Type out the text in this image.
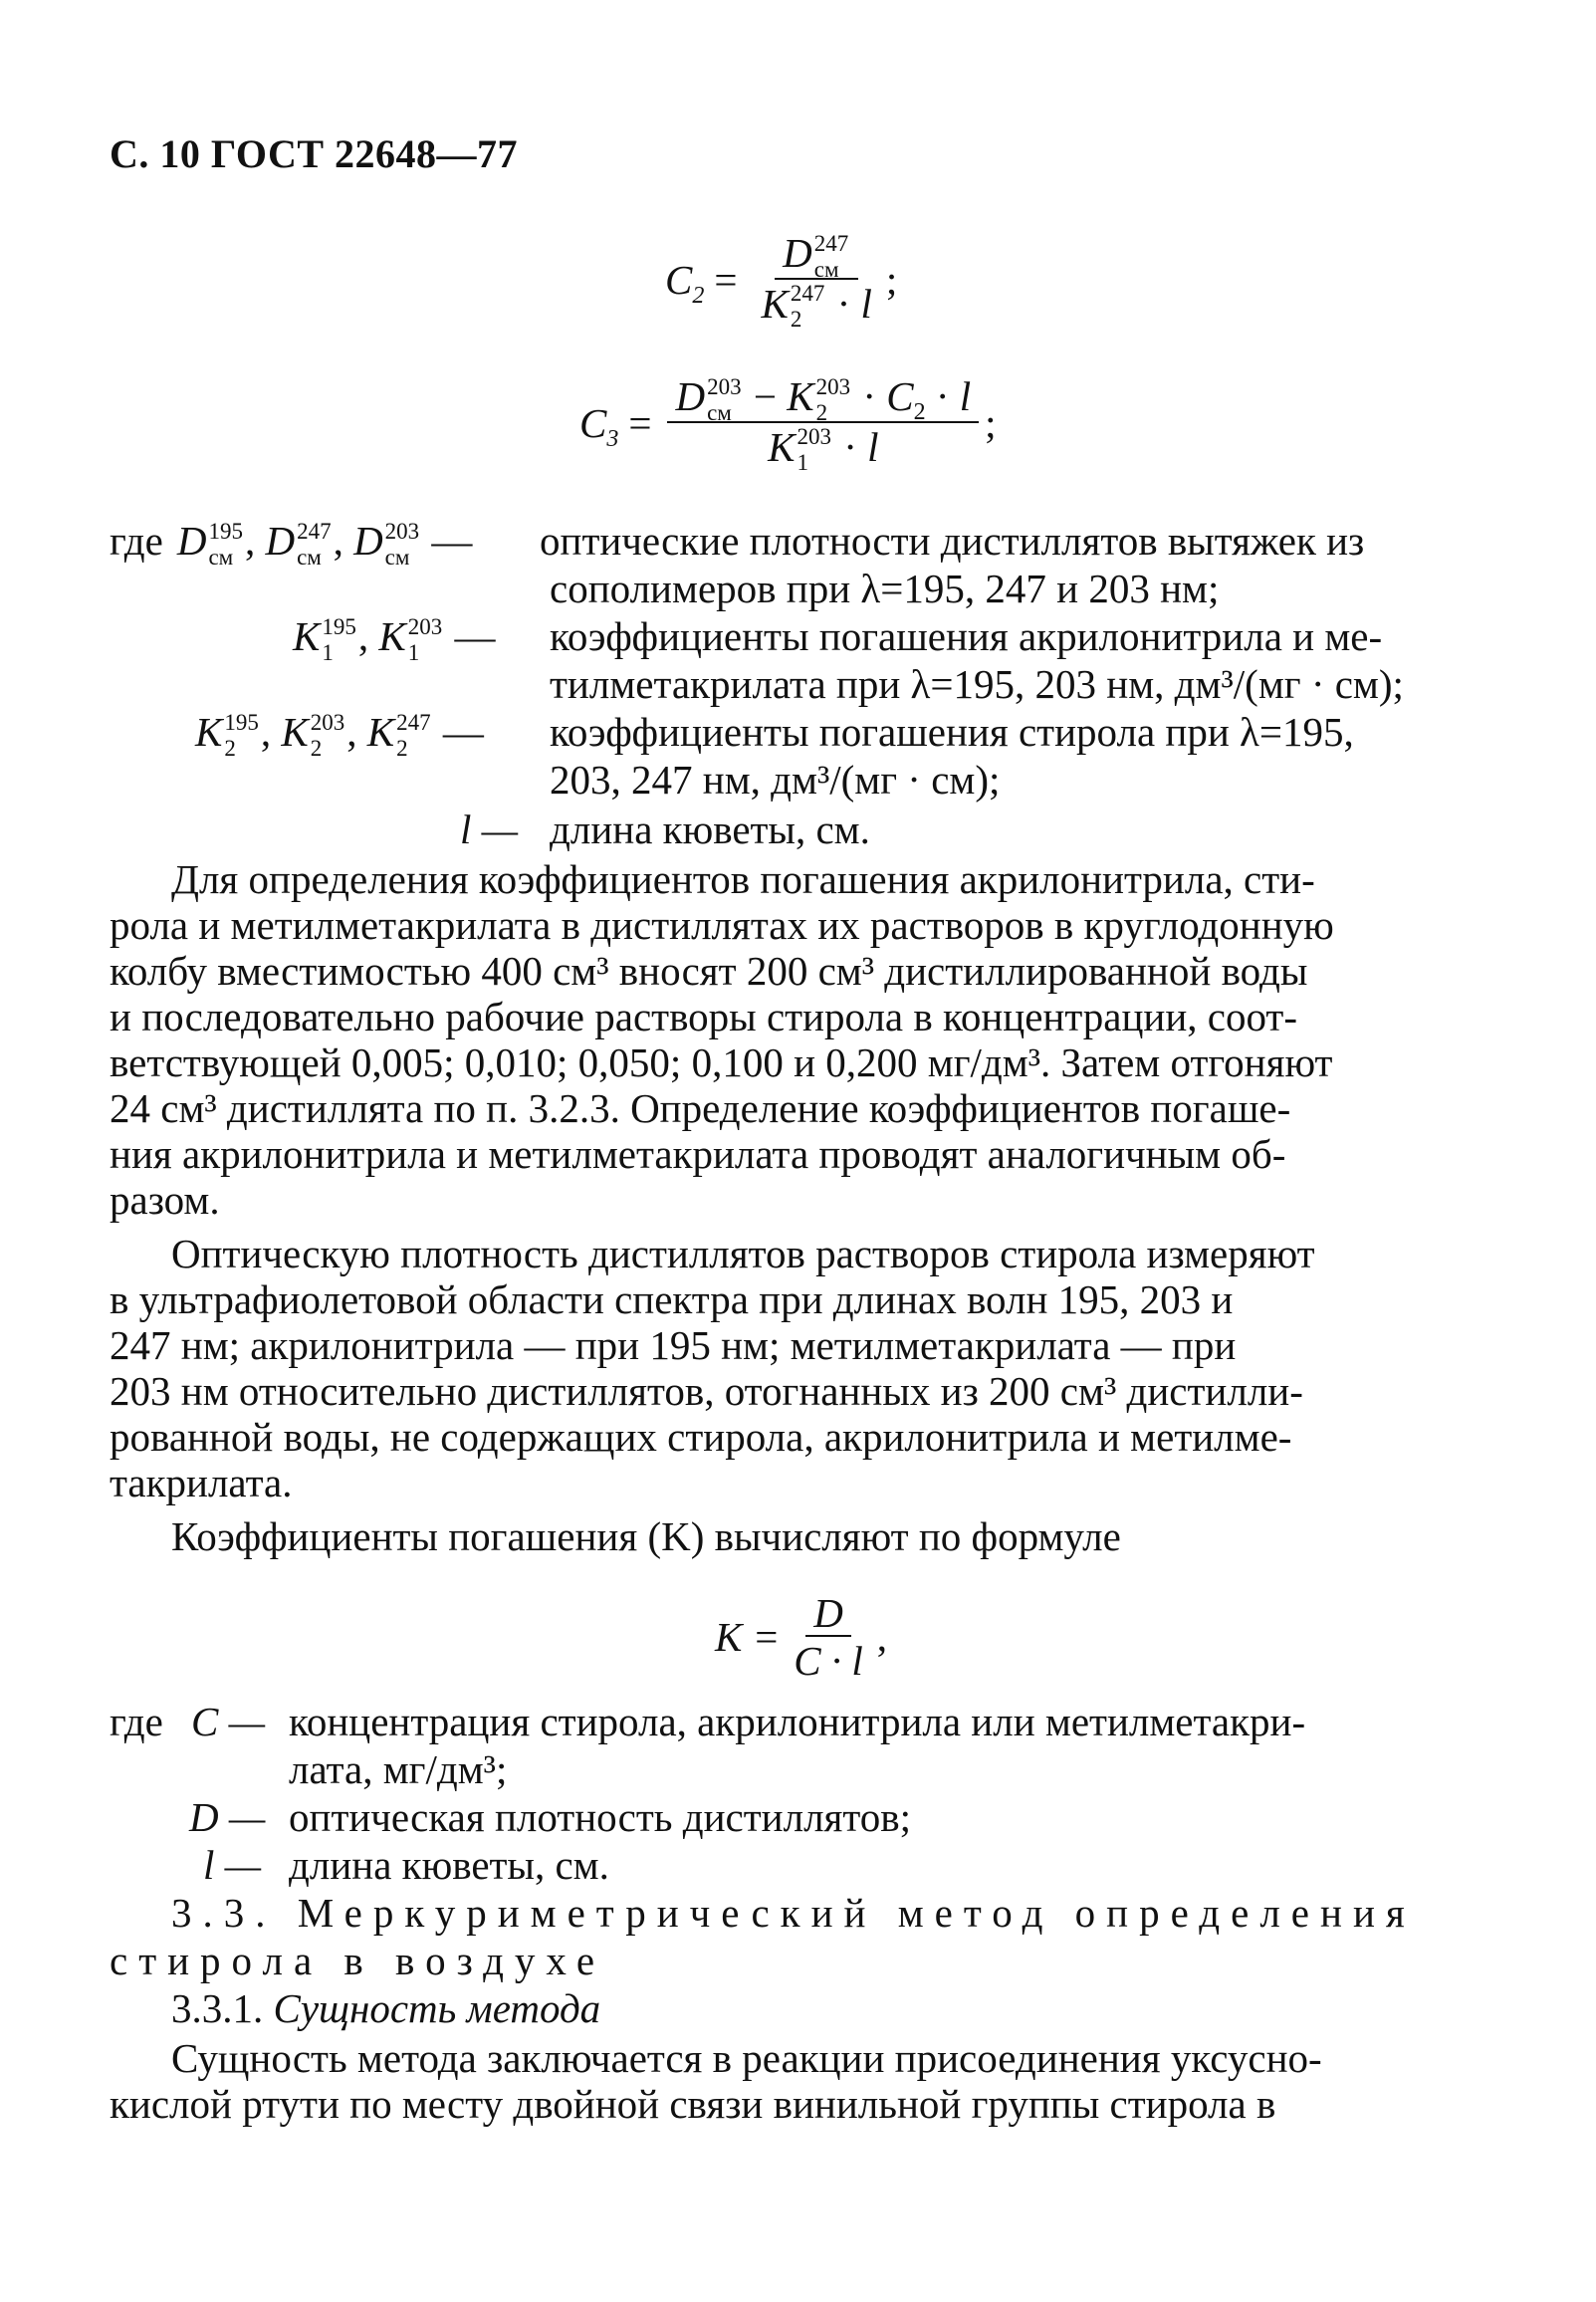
С. 10 ГОСТ 22648—77
$C_2 = D$ 247
см
K 247
2 · l ;
$C_3 = D$ 203
см − K 203
$2 \cdot C_2 \cdot l$
K 203
1 · l ;
где D 195
см , D 247
см , D 203
см — оптические плотности дистиллятов вытяжек из
сополимеров при λ=195, 247 и 203 нм;
K 195
1 , K 203
1 — коэффициенты погашения акрилонитрила и ме-
тилметакрилата при λ=195, 203 нм, дм³/(мг · см);
K 195
2 , K 203
2 , K 247
2 — коэффициенты погашения стирола при λ=195,
203, 247 нм, дм³/(мг · см);
l — длина кюветы, см.
Для определения коэффициентов погашения акрилонитрила, сти-
рола и метилметакрилата в дистиллятах их растворов в круглодонную
колбу вместимостью 400 см³ вносят 200 см³ дистиллированной воды
и последовательно рабочие растворы стирола в концентрации, соот-
ветствующей 0,005; 0,010; 0,050; 0,100 и 0,200 мг/дм³. Затем отгоняют
24 см³ дистиллята по п. 3.2.3. Определение коэффициентов погаше-
ния акрилонитрила и метилметакрилата проводят аналогичным об-
разом.
Оптическую плотность дистиллятов растворов стирола измеряют
в ультрафиолетовой области спектра при длинах волн 195, 203 и
247 нм; акрилонитрила — при 195 нм; метилметакрилата — при
203 нм относительно дистиллятов, отогнанных из 200 см³ дистилли-
рованной воды, не содержащих стирола, акрилонитрила и метилме-
такрилата.
Коэффициенты погашения (K) вычисляют по формуле
$K = \frac{D}{C \cdot l}$ ,
где C — концентрация стирола, акрилонитрила или метилметакри-
лата, мг/дм³;
D — оптическая плотность дистиллятов;
l — длина кюветы, см.
3.3. Меркуриметрический метод определения
стирола в воздухе
3.3.1. Сущность метода
Сущность метода заключается в реакции присоединения уксусно-
кислой ртути по месту двойной связи винильной группы стирола в
